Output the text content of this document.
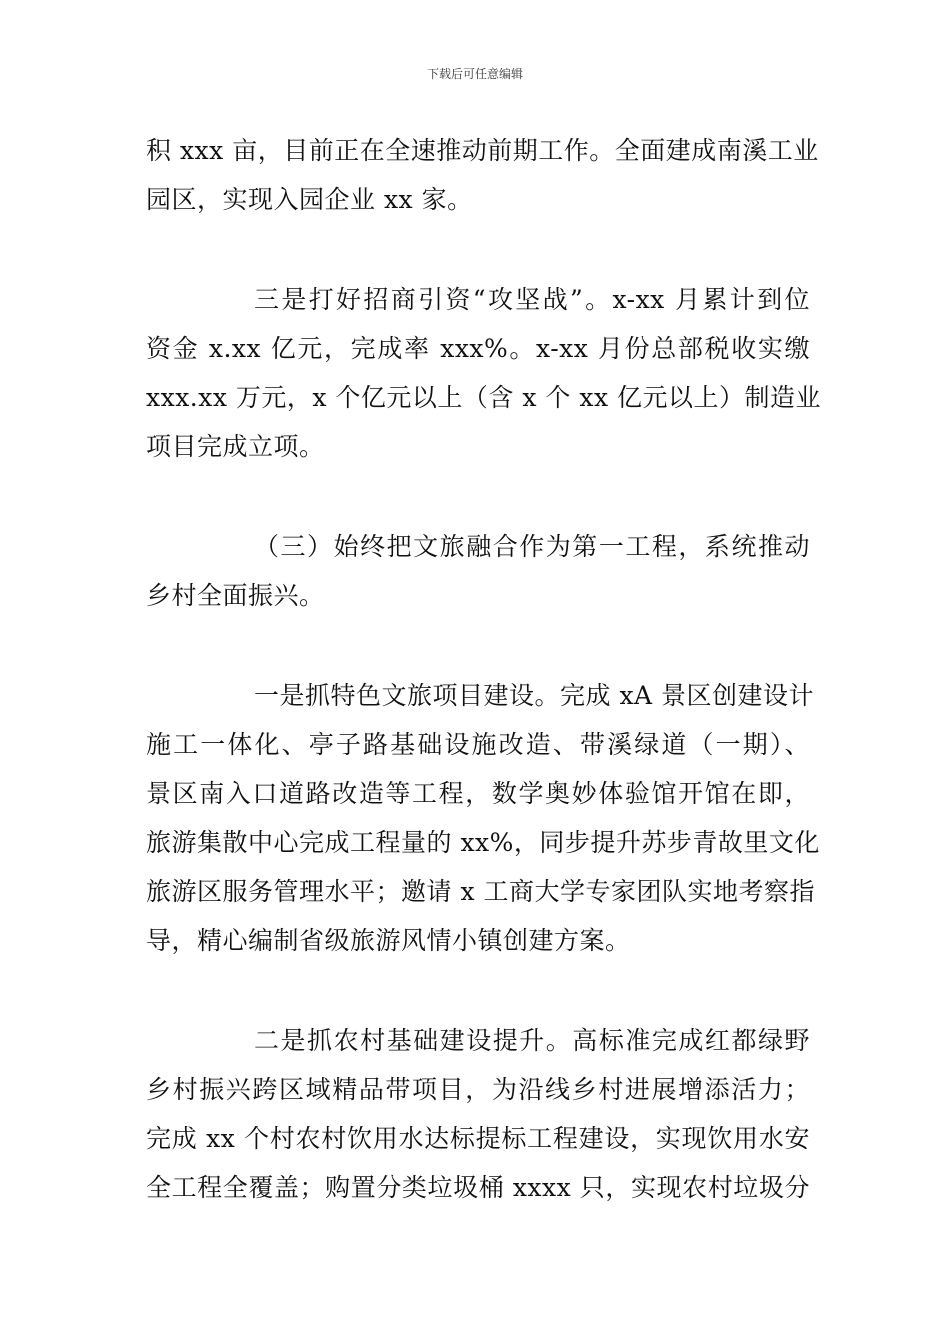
下载后可任意编辑
积 xxx 亩，目前正在全速推动前期工作。全面建成南溪工业
园区，实现入园企业 xx 家。
三是打好招商引资“攻坚战”。x-xx 月累计到位
资金 x.xx 亿元，完成率 xxx%。x-xx 月份总部税收实缴
xxx.xx 万元，x 个亿元以上（含 x 个 xx 亿元以上）制造业
项目完成立项。
（三）始终把文旅融合作为第一工程，系统推动
乡村全面振兴。
一是抓特色文旅项目建设。完成 xA 景区创建设计
施工一体化、亭子路基础设施改造、带溪绿道（一期）、
景区南入口道路改造等工程，数学奥妙体验馆开馆在即，
旅游集散中心完成工程量的 xx%，同步提升苏步青故里文化
旅游区服务管理水平；邀请 x 工商大学专家团队实地考察指
导，精心编制省级旅游风情小镇创建方案。
二是抓农村基础建设提升。高标准完成红都绿野
乡村振兴跨区域精品带项目，为沿线乡村进展增添活力；
完成 xx 个村农村饮用水达标提标工程建设，实现饮用水安
全工程全覆盖；购置分类垃圾桶 xxxx 只，实现农村垃圾分
